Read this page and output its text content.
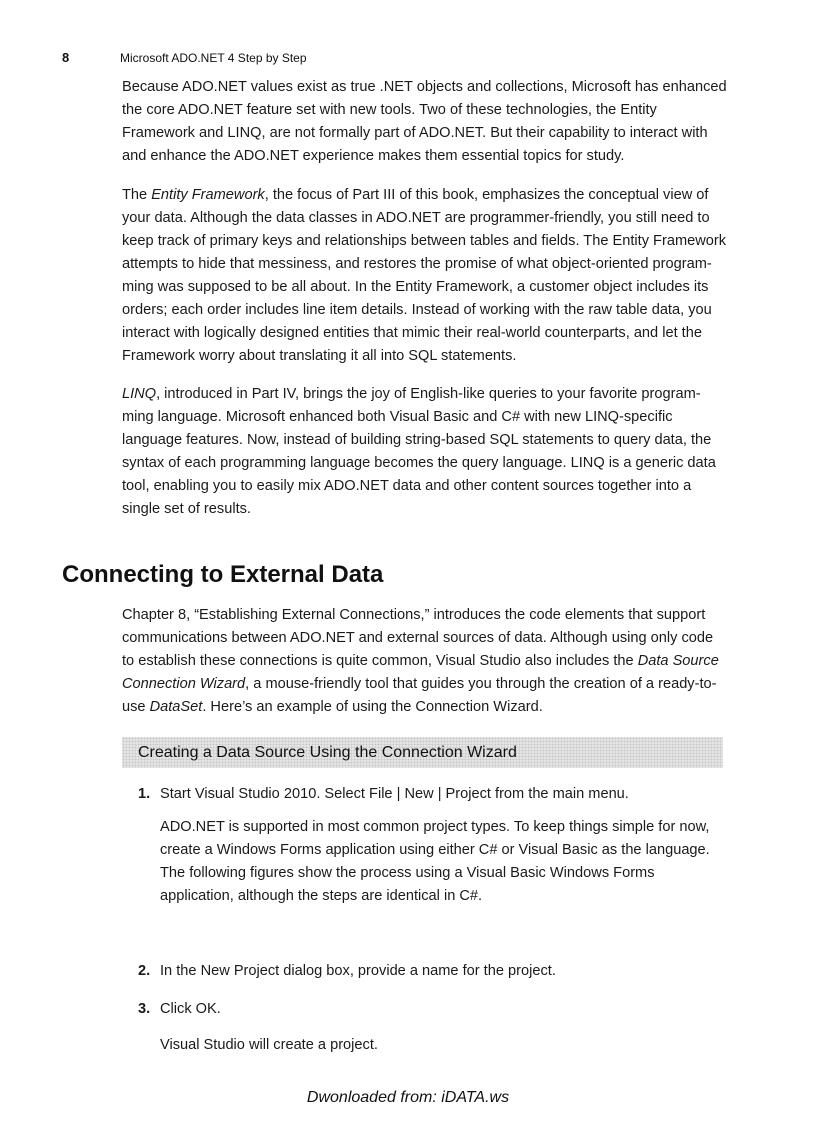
8	Microsoft ADO.NET 4 Step by Step

Because ADO.NET values exist as true .NET objects and collections, Microsoft has enhanced the core ADO.NET feature set with new tools. Two of these technologies, the Entity Framework and LINQ, are not formally part of ADO.NET. But their capability to interact with and enhance the ADO.NET experience makes them essential topics for study.

The Entity Framework, the focus of Part III of this book, emphasizes the conceptual view of your data. Although the data classes in ADO.NET are programmer-friendly, you still need to keep track of primary keys and relationships between tables and fields. The Entity Framework attempts to hide that messiness, and restores the promise of what object-oriented program-ming was supposed to be all about. In the Entity Framework, a customer object includes its orders; each order includes line item details. Instead of working with the raw table data, you interact with logically designed entities that mimic their real-world counterparts, and let the Framework worry about translating it all into SQL statements.

LINQ, introduced in Part IV, brings the joy of English-like queries to your favorite program-ming language. Microsoft enhanced both Visual Basic and C# with new LINQ-specific language features. Now, instead of building string-based SQL statements to query data, the syntax of each programming language becomes the query language. LINQ is a generic data tool, enabling you to easily mix ADO.NET data and other content sources together into a single set of results.

Connecting to External Data

Chapter 8, “Establishing External Connections,” introduces the code elements that support communications between ADO.NET and external sources of data. Although using only code to establish these connections is quite common, Visual Studio also includes the Data Source Connection Wizard, a mouse-friendly tool that guides you through the creation of a ready-to-use DataSet. Here’s an example of using the Connection Wizard.

Creating a Data Source Using the Connection Wizard
1. Start Visual Studio 2010. Select File | New | Project from the main menu.
ADO.NET is supported in most common project types. To keep things simple for now, create a Windows Forms application using either C# or Visual Basic as the language. The following figures show the process using a Visual Basic Windows Forms application, although the steps are identical in C#.
2. In the New Project dialog box, provide a name for the project.
3. Click OK.
Visual Studio will create a project.
Dwonloaded from: iDATA.ws
